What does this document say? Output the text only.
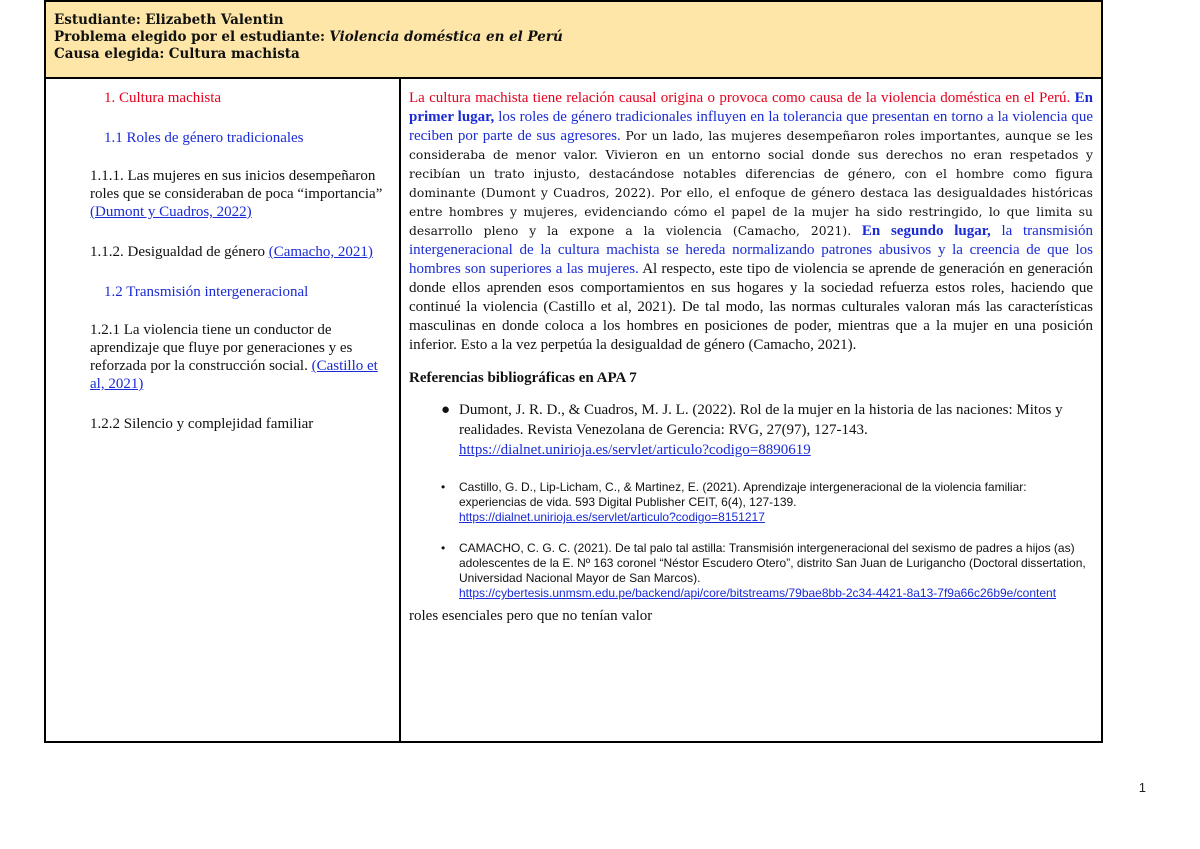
Estudiante: Elizabeth Valentin
Problema elegido por el estudiante: Violencia doméstica en el Perú
Causa elegida: Cultura machista
1. Cultura machista
1.1 Roles de género tradicionales
1.1.1. Las mujeres en sus inicios desempeñaron roles que se consideraban de poca “importancia” (Dumont y Cuadros, 2022)
1.1.2. Desigualdad de género (Camacho, 2021)
1.2 Transmisión intergeneracional
1.2.1 La violencia tiene un conductor de aprendizaje que fluye por generaciones y es reforzada por la construcción social. (Castillo et al, 2021)
1.2.2 Silencio y complejidad familiar

La cultura machista tiene relación causal origina o provoca como causa de la violencia doméstica en el Perú. En primer lugar, los roles de género tradicionales influyen en la tolerancia que presentan en torno a la violencia que reciben por parte de sus agresores. Por un lado, las mujeres desempeñaron roles importantes, aunque se les consideraba de menor valor. Vivieron en un entorno social donde sus derechos no eran respetados y recibían un trato injusto, destacándose notables diferencias de género, con el hombre como figura dominante (Dumont y Cuadros, 2022). Por ello, el enfoque de género destaca las desigualdades históricas entre hombres y mujeres, evidenciando cómo el papel de la mujer ha sido restringido, lo que limita su desarrollo pleno y la expone a la violencia (Camacho, 2021). En segundo lugar, la transmisión intergeneracional de la cultura machista se hereda normalizando patrones abusivos y la creencia de que los hombres son superiores a las mujeres. Al respecto, este tipo de violencia se aprende de generación en generación donde ellos aprenden esos comportamientos en sus hogares y la sociedad refuerza estos roles, haciendo que continué la violencia (Castillo et al, 2021). De tal modo, las normas culturales valoran más las características masculinas en donde coloca a los hombres en posiciones de poder, mientras que a la mujer en una posición inferior. Esto a la vez perpetúa la desigualdad de género (Camacho, 2021).

Referencias bibliográficas en APA 7
● Dumont, J. R. D., & Cuadros, M. J. L. (2022). Rol de la mujer en la historia de las naciones: Mitos y realidades. Revista Venezolana de Gerencia: RVG, 27(97), 127-143.
https://dialnet.unirioja.es/servlet/articulo?codigo=8890619
• Castillo, G. D., Lip-Licham, C., & Martinez, E. (2021). Aprendizaje intergeneracional de la violencia familiar: experiencias de vida. 593 Digital Publisher CEIT, 6(4), 127-139.
https://dialnet.unirioja.es/servlet/articulo?codigo=8151217
• CAMACHO, C. G. C. (2021). De tal palo tal astilla: Transmisión intergeneracional del sexismo de padres a hijos (as) adolescentes de la E. Nº 163 coronel “Néstor Escudero Otero”, distrito San Juan de Lurigancho (Doctoral dissertation, Universidad Nacional Mayor de San Marcos).
https://cybertesis.unmsm.edu.pe/backend/api/core/bitstreams/79bae8bb-2c34-4421-8a13-7f9a66c26b9e/content
roles esenciales pero que no tenían valor
1
